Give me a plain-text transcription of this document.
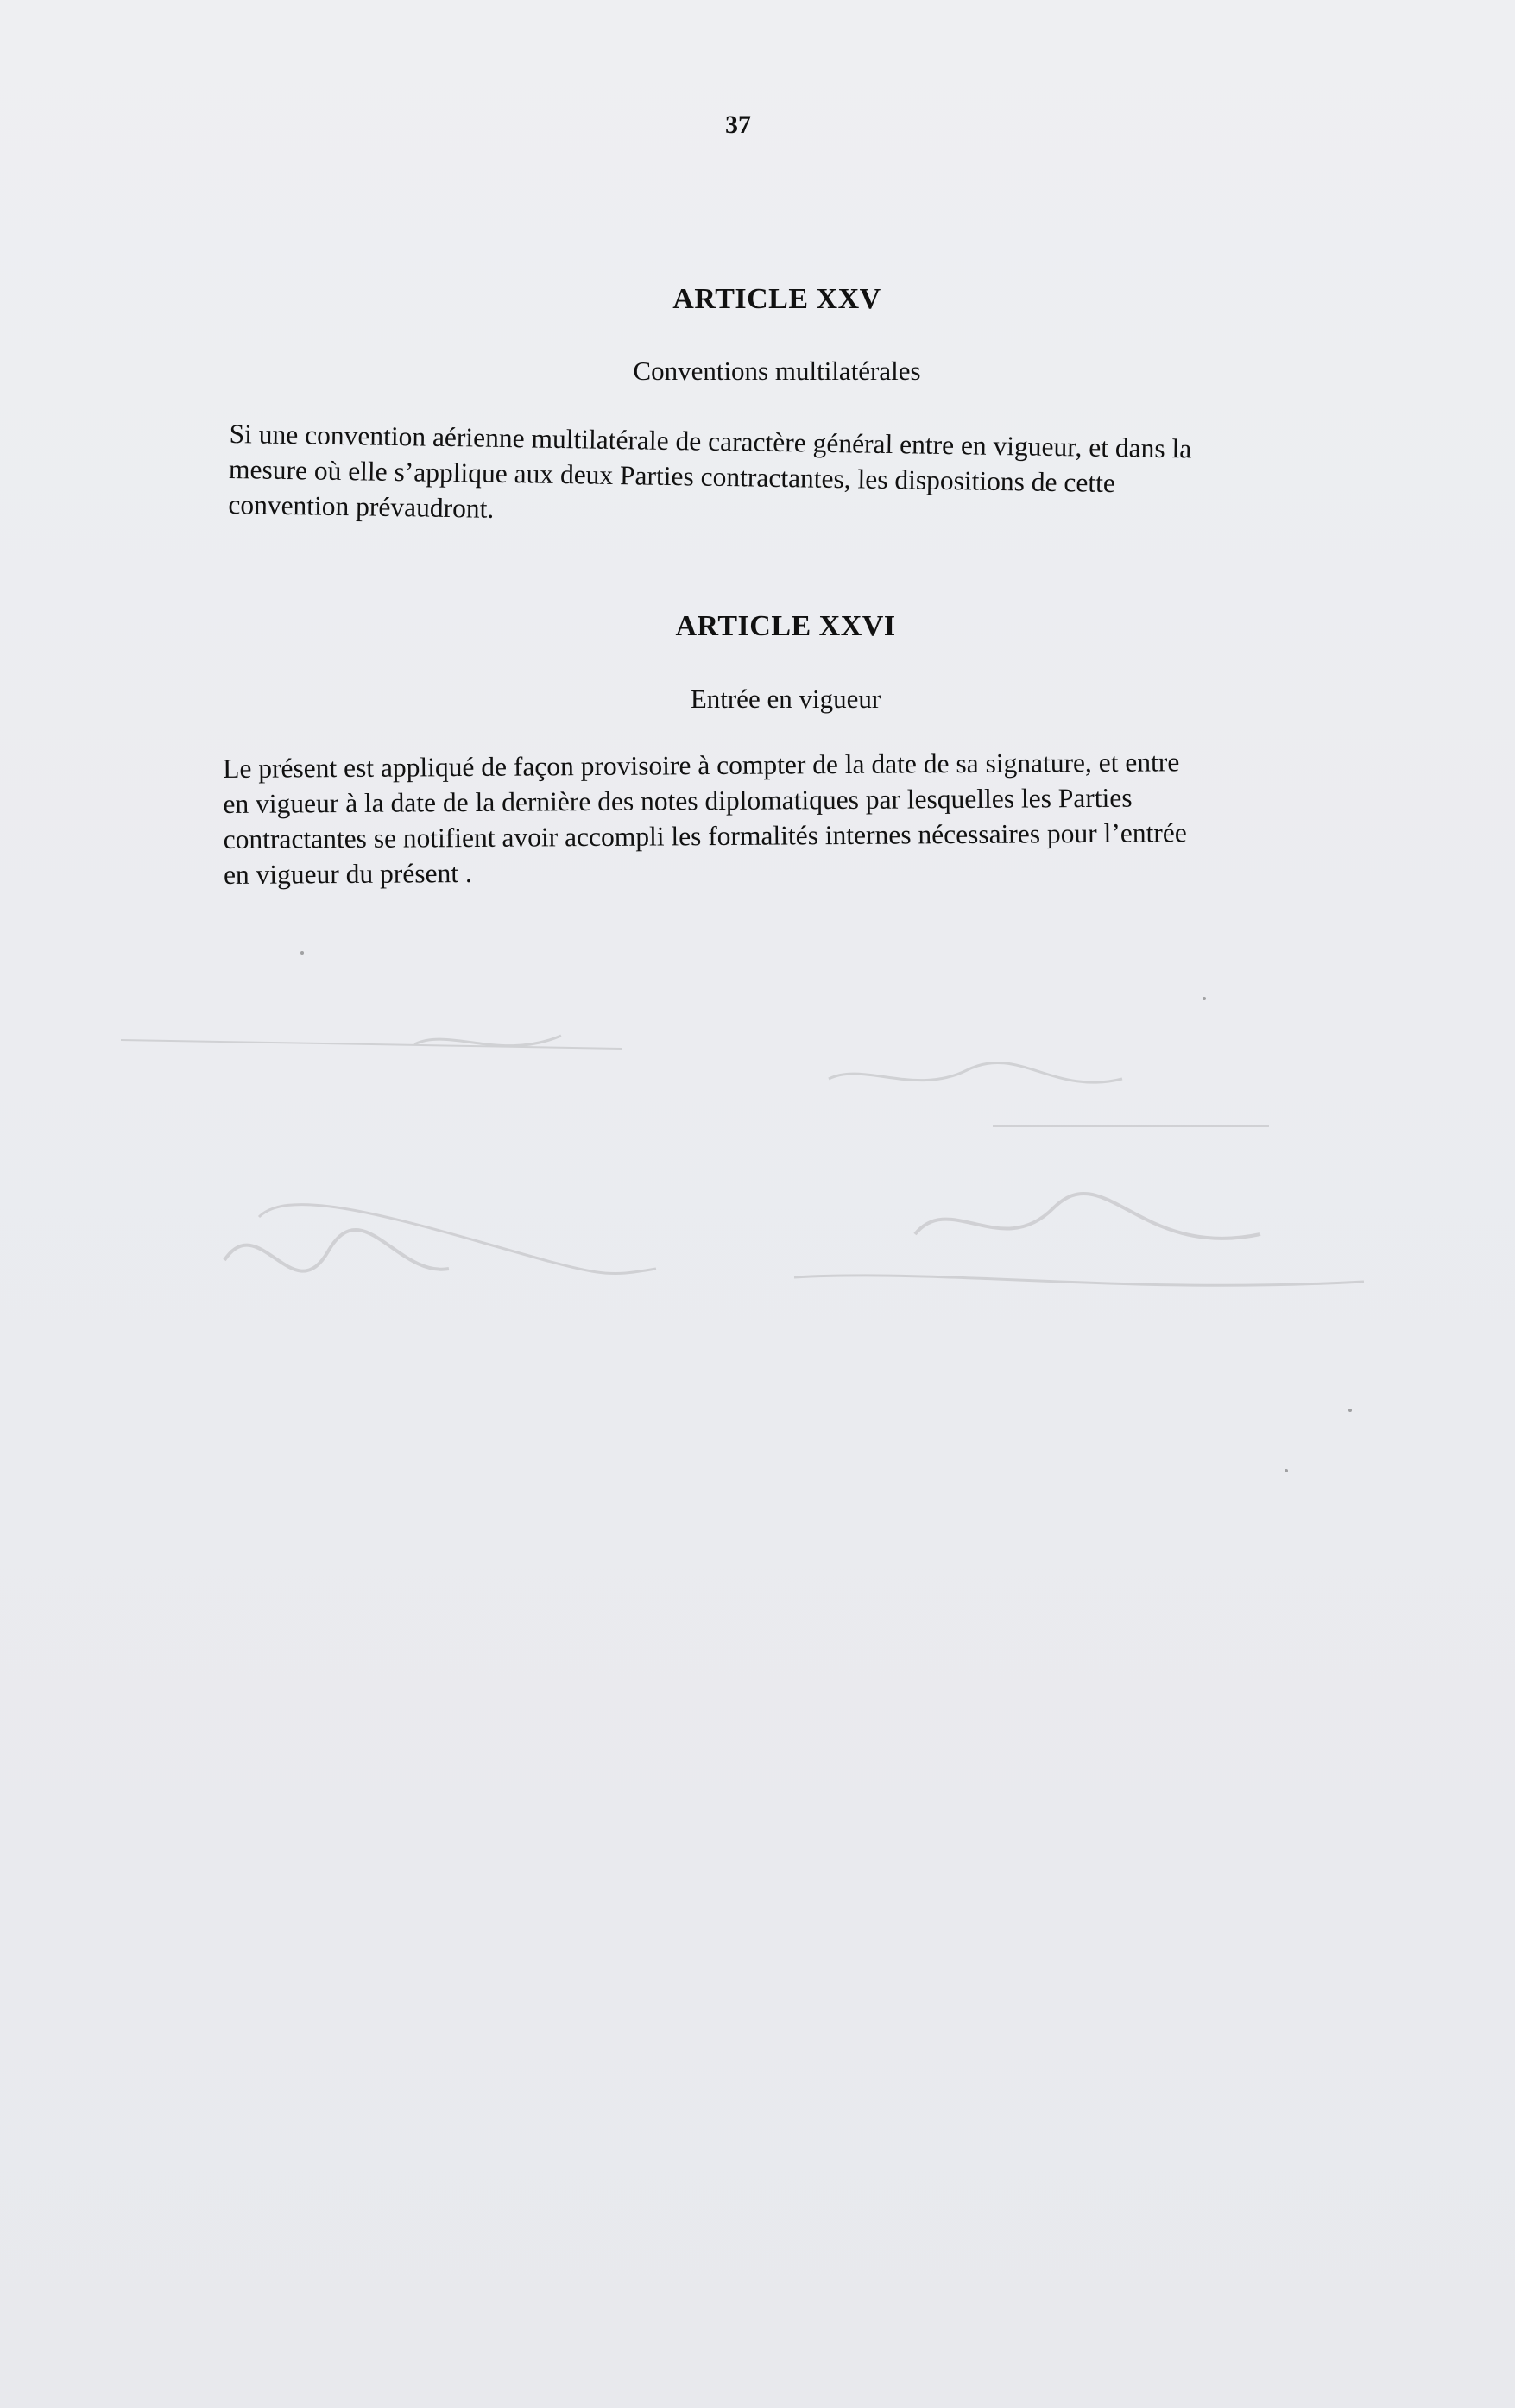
37
ARTICLE XXV
Conventions multilatérales
Si une convention aérienne multilatérale de caractère général entre en vigueur, et dans la
mesure où elle s’applique aux deux Parties contractantes, les dispositions de cette
convention prévaudront.
ARTICLE XXVI
Entrée en vigueur
Le présent est appliqué de façon provisoire à compter de la date de sa signature, et entre
en vigueur à la date de la dernière des notes diplomatiques par lesquelles les Parties
contractantes se notifient avoir accompli les formalités internes nécessaires pour l’entrée
en vigueur du présent .
